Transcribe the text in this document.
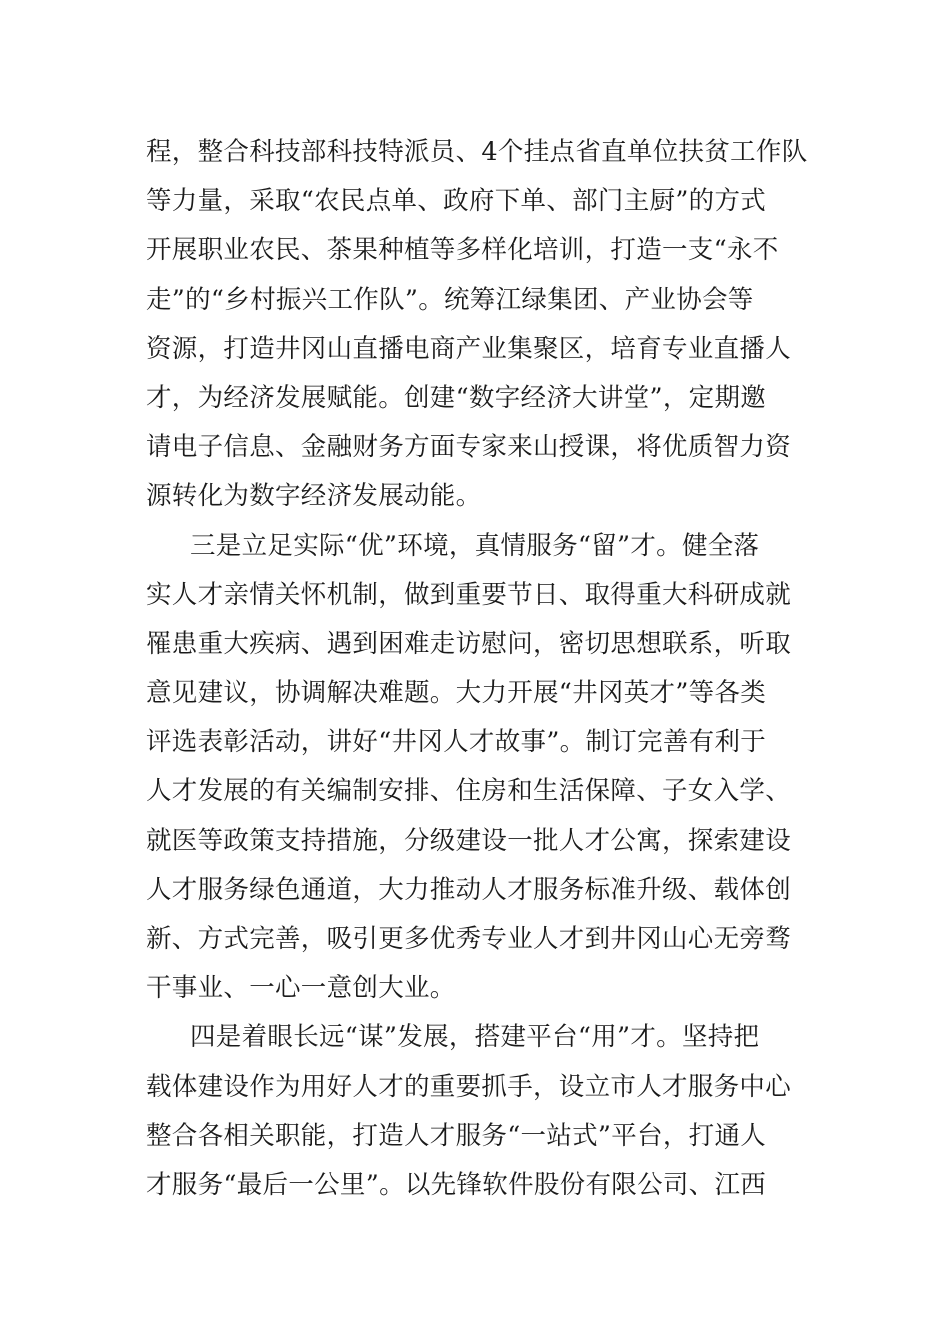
程，整合科技部科技特派员、4个挂点省直单位扶贫工作队
等力量，采取“农民点单、政府下单、部门主厨”的方式
开展职业农民、茶果种植等多样化培训，打造一支“永不
走”的“乡村振兴工作队”。统筹江绿集团、产业协会等
资源，打造井冈山直播电商产业集聚区，培育专业直播人
才，为经济发展赋能。创建“数字经济大讲堂”，定期邀
请电子信息、金融财务方面专家来山授课，将优质智力资
源转化为数字经济发展动能。
三是立足实际“优”环境，真情服务“留”才。健全落
实人才亲情关怀机制，做到重要节日、取得重大科研成就
罹患重大疾病、遇到困难走访慰问，密切思想联系，听取
意见建议，协调解决难题。大力开展“井冈英才”等各类
评选表彰活动，讲好“井冈人才故事”。制订完善有利于
人才发展的有关编制安排、住房和生活保障、子女入学、
就医等政策支持措施，分级建设一批人才公寓，探索建设
人才服务绿色通道，大力推动人才服务标准升级、载体创
新、方式完善，吸引更多优秀专业人才到井冈山心无旁骛
干事业、一心一意创大业。
四是着眼长远“谋”发展，搭建平台“用”才。坚持把
载体建设作为用好人才的重要抓手，设立市人才服务中心
整合各相关职能，打造人才服务“一站式”平台，打通人
才服务“最后一公里”。以先锋软件股份有限公司、江西
